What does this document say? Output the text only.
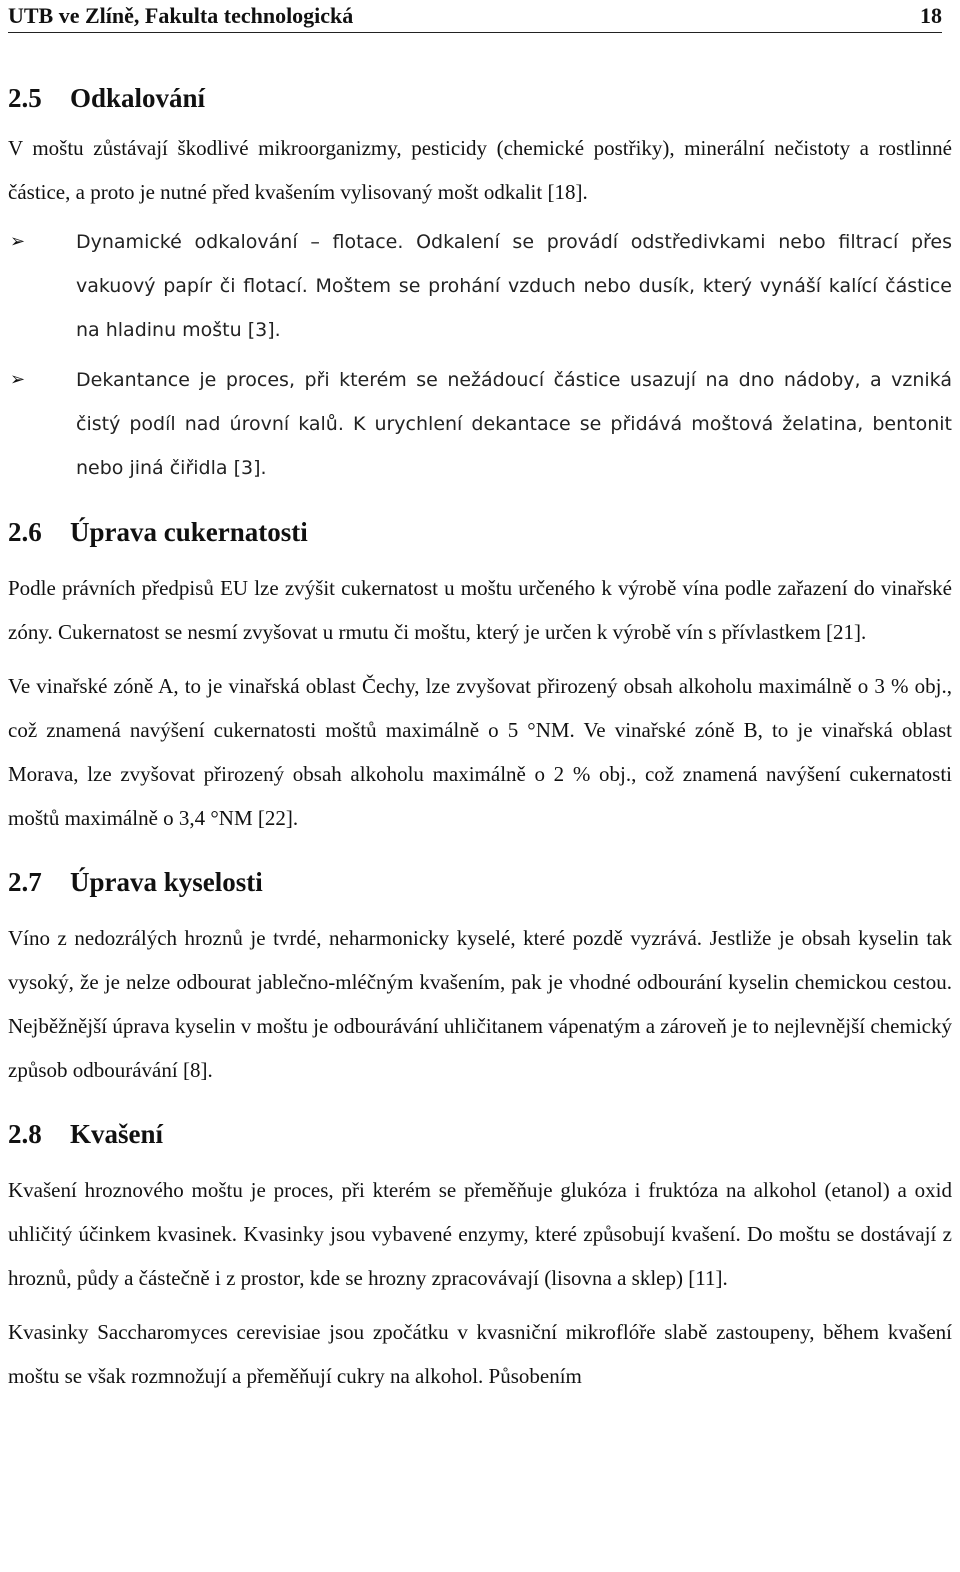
UTB ve Zlíně, Fakulta technologická	18
2.5	Odkalování

V moštu zůstávají škodlivé mikroorganizmy, pesticidy (chemické postřiky), minerální nečistoty a rostlinné částice, a proto je nutné před kvašením vylisovaný mošt odkalit [18].

➢	Dynamické odkalování – flotace. Odkalení se provádí odstředivkami nebo filtrací přes vakuový papír či flotací. Moštem se prohání vzduch nebo dusík, který vynáší kalící částice na hladinu moštu [3].
➢	Dekantance je proces, při kterém se nežádoucí částice usazují na dno nádoby, a vzniká čistý podíl nad úrovní kalů. K urychlení dekantace se přidává moštová želatina, bentonit nebo jiná čiřidla [3].
2.6	Úprava cukernatosti

Podle právních předpisů EU lze zvýšit cukernatost u moštu určeného k výrobě vína podle zařazení do vinařské zóny. Cukernatost se nesmí zvyšovat u rmutu či moštu, který je určen k výrobě vín s přívlastkem [21].

Ve vinařské zóně A, to je vinařská oblast Čechy, lze zvyšovat přirozený obsah alkoholu maximálně o 3 % obj., což znamená navýšení cukernatosti moštů maximálně o 5 °NM. Ve vinařské zóně B, to je vinařská oblast Morava, lze zvyšovat přirozený obsah alkoholu maximálně o 2 % obj., což znamená navýšení cukernatosti moštů maximálně o 3,4 °NM [22].

2.7	Úprava kyselosti

Víno z nedozrálých hroznů je tvrdé, neharmonicky kyselé, které pozdě vyzrává. Jestliže je obsah kyselin tak vysoký, že je nelze odbourat jablečno-mléčným kvašením, pak je vhodné odbourání kyselin chemickou cestou. Nejběžnější úprava kyselin v moštu je odbourávání uhličitanem vápenatým a zároveň je to nejlevnější chemický způsob odbourávání [8].

2.8	Kvašení

Kvašení hroznového moštu je proces, při kterém se přeměňuje glukóza i fruktóza na alkohol (etanol) a oxid uhličitý účinkem kvasinek. Kvasinky jsou vybavené enzymy, které způsobují kvašení. Do moštu se dostávají z hroznů, půdy a částečně i z prostor, kde se hrozny zpracovávají (lisovna a sklep) [11].

Kvasinky Saccharomyces cerevisiae jsou zpočátku v kvasniční mikroflóře slabě zastoupeny, během kvašení moštu se však rozmnožují a přeměňují cukry na alkohol. Působením
